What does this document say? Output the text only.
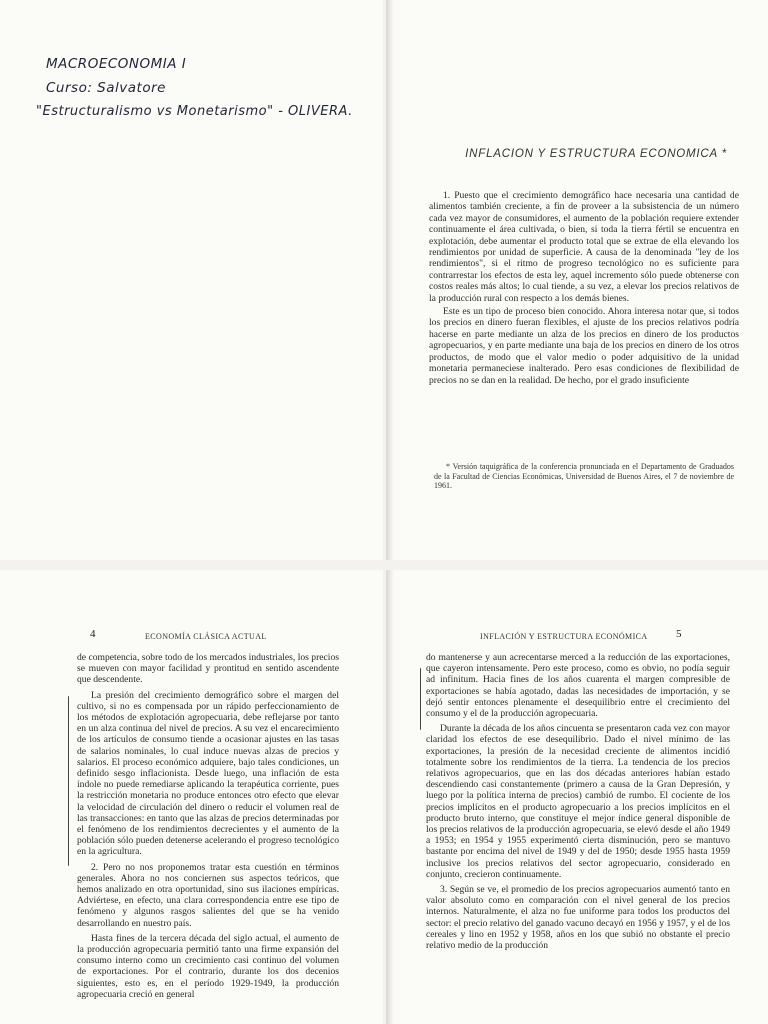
MACROECONOMIA I
Curso: Salvatore
"Estructuralismo vs Monetarismo" - OLIVERA.
INFLACION Y ESTRUCTURA ECONOMICA *

1. Puesto que el crecimiento demográfico hace necesaria una cantidad de alimentos también creciente, a fin de proveer a la subsistencia de un número cada vez mayor de consumidores, el aumento de la población requiere extender continuamente el área cultivada, o bien, si toda la tierra fértil se encuentra en explotación, debe aumentar el producto total que se extrae de ella elevando los rendimientos por unidad de superficie. A causa de la denominada "ley de los rendimientos", si el ritmo de progreso tecnológico no es suficiente para contrarrestar los efectos de esta ley, aquel incremento sólo puede obtenerse con costos reales más altos; lo cual tiende, a su vez, a elevar los precios relativos de la producción rural con respecto a los demás bienes.

Este es un tipo de proceso bien conocido. Ahora interesa notar que, si todos los precios en dinero fueran flexibles, el ajuste de los precios relativos podría hacerse en parte mediante un alza de los precios en dinero de los productos agropecuarios, y en parte mediante una baja de los precios en dinero de los otros productos, de modo que el valor medio o poder adquisitivo de la unidad monetaria permaneciese inalterado. Pero esas condiciones de flexibilidad de precios no se dan en la realidad. De hecho, por el grado insuficiente

* Versión taquigráfica de la conferencia pronunciada en el Departamento de Graduados de la Facultad de Ciencias Económicas, Universidad de Buenos Aires, el 7 de noviembre de 1961.

de competencia, sobre todo de los mercados industriales, los precios se mueven con mayor facilidad y prontitud en sentido ascendente que descendente.

La presión del crecimiento demográfico sobre el margen del cultivo, si no es compensada por un rápido perfeccionamiento de los métodos de explotación agropecuaria, debe reflejarse por tanto en un alza continua del nivel de precios. A su vez el encarecimiento de los artículos de consumo tiende a ocasionar ajustes en las tasas de salarios nominales, lo cual induce nuevas alzas de precios y salarios. El proceso económico adquiere, bajo tales condiciones, un definido sesgo inflacionista. Desde luego, una inflación de esta índole no puede remediarse aplicando la terapéutica corriente, pues la restricción monetaria no produce entonces otro efecto que elevar la velocidad de circulación del dinero o reducir el volumen real de las transacciones: en tanto que las alzas de precios determinadas por el fenómeno de los rendimientos decrecientes y el aumento de la población sólo pueden detenerse acelerando el progreso tecnológico en la agricultura.

2. Pero no nos proponemos tratar esta cuestión en términos generales. Ahora no nos conciernen sus aspectos teóricos, que hemos analizado en otra oportunidad, sino sus ilaciones empíricas. Adviértese, en efecto, una clara correspondencia entre ese tipo de fenómeno y algunos rasgos salientes del que se ha venido desarrollando en nuestro país.

Hasta fines de la tercera década del siglo actual, el aumento de la producción agropecuaria permitió tanto una firme expansión del consumo interno como un crecimiento casi continuo del volumen de exportaciones. Por el contrario, durante los dos decenios siguientes, esto es, en el período 1929-1949, la producción agropecuaria creció en general

do mantenerse y aun acrecentarse merced a la reducción de las exportaciones, que cayeron intensamente. Pero este proceso, como es obvio, no podía seguir ad infinitum. Hacia fines de los años cuarenta el margen compresible de exportaciones se había agotado, dadas las necesidades de importación, y se dejó sentir entonces plenamente el desequilibrio entre el crecimiento del consumo y el de la producción agropecuaria.

Durante la década de los años cincuenta se presentaron cada vez con mayor claridad los efectos de ese desequilibrio. Dado el nivel mínimo de las exportaciones, la presión de la necesidad creciente de alimentos incidió totalmente sobre los rendimientos de la tierra. La tendencia de los precios relativos agropecuarios, que en las dos décadas anteriores habían estado descendiendo casi constantemente (primero a causa de la Gran Depresión, y luego por la política interna de precios) cambió de rumbo. El cociente de los precios implícitos en el producto agropecuario a los precios implícitos en el producto bruto interno, que constituye el mejor índice general disponible de los precios relativos de la producción agropecuaria, se elevó desde el año 1949 a 1953; en 1954 y 1955 experimentó cierta disminución, pero se mantuvo bastante por encima del nivel de 1949 y del de 1950; desde 1955 hasta 1959 inclusive los precios relativos del sector agropecuario, considerado en conjunto, crecieron continuamente.

3. Según se ve, el promedio de los precios agropecuarios aumentó tanto en valor absoluto como en comparación con el nivel general de los precios internos. Naturalmente, el alza no fue uniforme para todos los productos del sector: el precio relativo del ganado vacuno decayó en 1956 y 1957, y el de los cereales y lino en 1952 y 1958, años en los que subió no obstante el precio relativo medio de la producción

4	ECONOMÍA CLÁSICA ACTUAL	INFLACIÓN Y ESTRUCTURA ECONÓMICA	5
